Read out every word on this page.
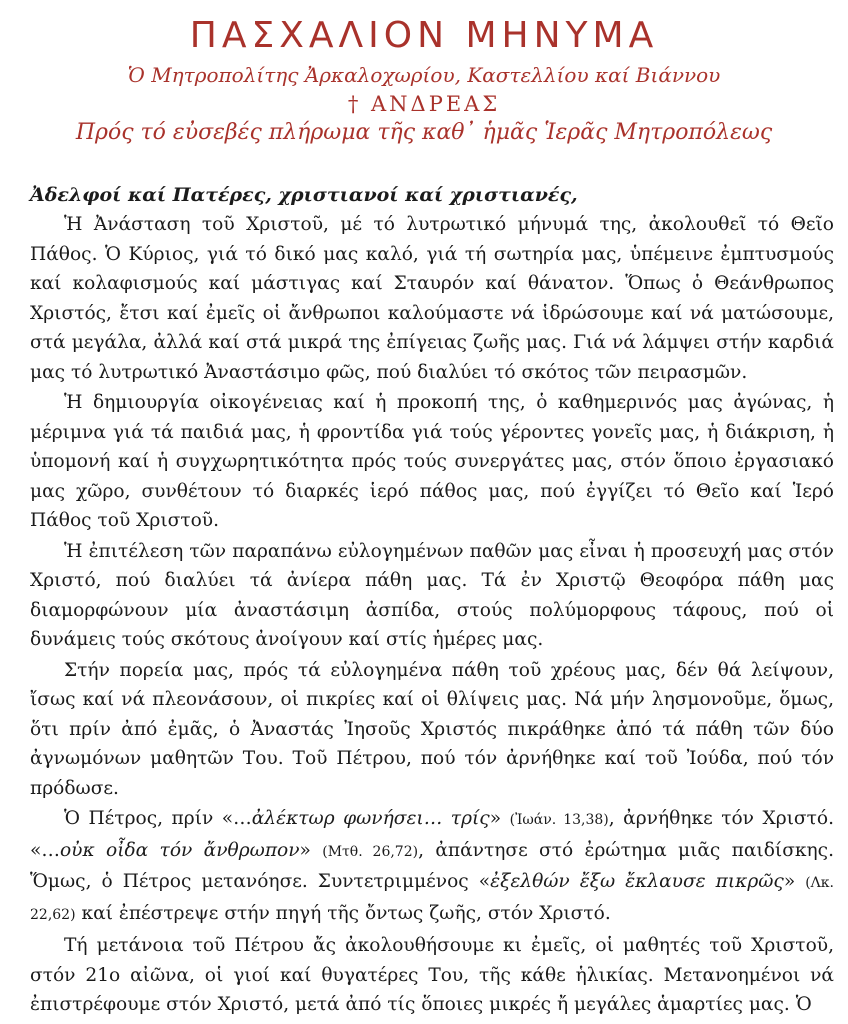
ΠΑΣΧΑΛΙΟΝ ΜΗΝΥΜΑ
Ὁ Μητροπολίτης Ἀρκαλοχωρίου, Καστελλίου καί Βιάννου
† ΑΝΔΡΕΑΣ
Πρός τό εὐσεβές πλήρωμα τῆς καθ᾿ ἡμᾶς Ἱερᾶς Μητροπόλεως
Ἀδελφοί καί Πατέρες, χριστιανοί καί χριστιανές,

Ἡ Ἀνάσταση τοῦ Χριστοῦ, μέ τό λυτρωτικό μήνυμά της, ἀκολουθεῖ τό Θεῖο Πάθος. Ὁ Κύριος, γιά τό δικό μας καλό, γιά τή σωτηρία μας, ὑπέμεινε ἐμπτυσμούς καί κολαφισμούς καί μάστιγας καί Σταυρόν καί θάνατον. Ὅπως ὁ Θεάνθρωπος Χριστός, ἔτσι καί ἐμεῖς οἱ ἄνθρωποι καλούμαστε νά ἱδρώσουμε καί νά ματώσουμε, στά μεγάλα, ἀλλά καί στά μικρά της ἐπίγειας ζωῆς μας. Γιά νά λάμψει στήν καρδιά μας τό λυτρωτικό Ἀναστάσιμο φῶς, πού διαλύει τό σκότος τῶν πειρασμῶν.

Ἡ δημιουργία οἰκογένειας καί ἡ προκοπή της, ὁ καθημερινός μας ἀγώνας, ἡ μέριμνα γιά τά παιδιά μας, ἡ φροντίδα γιά τούς γέροντες γονεῖς μας, ἡ διάκριση, ἡ ὑπομονή καί ἡ συγχωρητικότητα πρός τούς συνεργάτες μας, στόν ὅποιο ἐργασιακό μας χῶρο, συνθέτουν τό διαρκές ἱερό πάθος μας, πού ἐγγίζει τό Θεῖο καί Ἱερό Πάθος τοῦ Χριστοῦ.

Ἡ ἐπιτέλεση τῶν παραπάνω εὐλογημένων παθῶν μας εἶναι ἡ προσευχή μας στόν Χριστό, πού διαλύει τά ἀνίερα πάθη μας. Τά ἐν Χριστῷ Θεοφόρα πάθη μας διαμορφώνουν μία ἀναστάσιμη ἀσπίδα, στούς πολύμορφους τάφους, πού οἱ δυνάμεις τούς σκότους ἀνοίγουν καί στίς ἡμέρες μας.

Στήν πορεία μας, πρός τά εὐλογημένα πάθη τοῦ χρέους μας, δέν θά λείψουν, ἴσως καί νά πλεονάσουν, οἱ πικρίες καί οἱ θλίψεις μας. Νά μήν λησμονοῦμε, ὅμως, ὅτι πρίν ἀπό ἐμᾶς, ὁ Ἀναστάς Ἰησοῦς Χριστός πικράθηκε ἀπό τά πάθη τῶν δύο ἀγνωμόνων μαθητῶν Του. Τοῦ Πέτρου, πού τόν ἀρνήθηκε καί τοῦ Ἰούδα, πού τόν πρόδωσε.

Ὁ Πέτρος, πρίν «…ἀλέκτωρ φωνήσει… τρίς» (Ἰωάν. 13,38), ἀρνήθηκε τόν Χριστό. «…οὐκ οἶδα τόν ἄνθρωπον» (Μτθ. 26,72), ἀπάντησε στό ἐρώτημα μιᾶς παιδίσκης. Ὅμως, ὁ Πέτρος μετανόησε. Συντετριμμένος «ἐξελθών ἔξω ἔκλαυσε πικρῶς» (Λκ. 22,62) καί ἐπέστρεψε στήν πηγή τῆς ὄντως ζωῆς, στόν Χριστό.

Τή μετάνοια τοῦ Πέτρου ἄς ἀκολουθήσουμε κι ἐμεῖς, οἱ μαθητές τοῦ Χριστοῦ, στόν 21ο αἰῶνα, οἱ γιοί καί θυγατέρες Του, τῆς κάθε ἡλικίας. Μετανοημένοι νά ἐπιστρέφουμε στόν Χριστό, μετά ἀπό τίς ὅποιες μικρές ἤ μεγάλες ἁμαρτίες μας. Ὁ
